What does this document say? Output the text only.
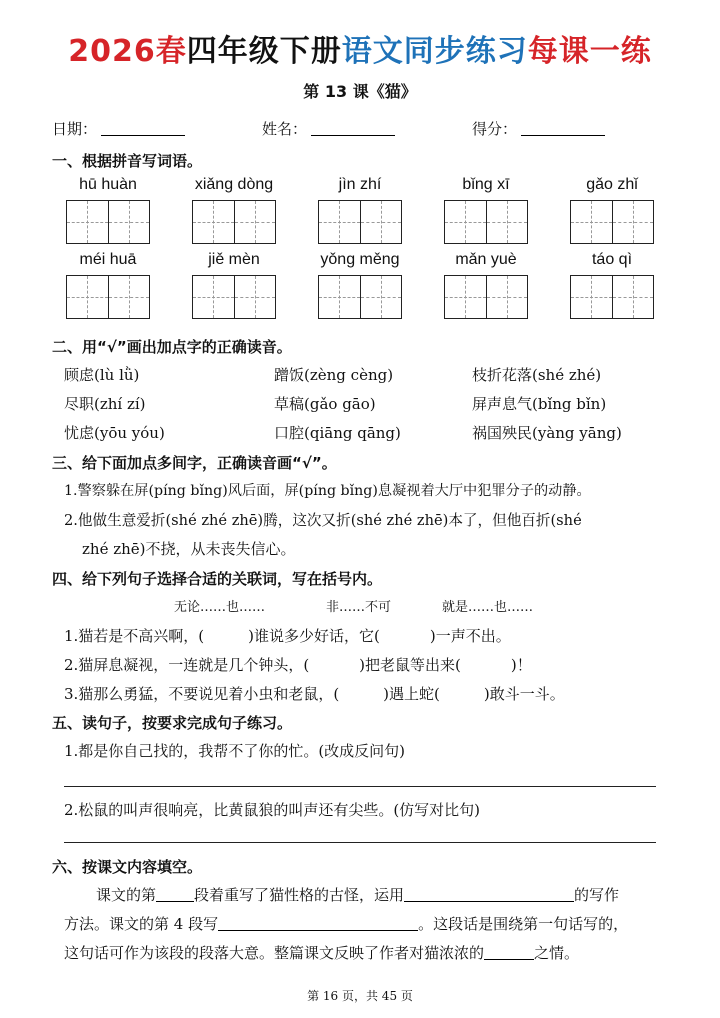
2026春四年级下册语文同步练习每课一练
第 13 课《猫》
日期：	姓名：	得分：
一、根据拼音写词语。
hū huàn	xiǎng dòng	jìn zhí	bǐng xī	gǎo zhǐ
méi huā	jiě mèn	yǒng měng	mǎn yuè	táo qì
二、用“√”画出加点字的正确读音。
顾虑(lù lǜ)	蹭饭(zèng cèng)	枝折花落(shé zhé)
尽职(zhí zí)	草稿(gǎo gāo)	屏声息气(bǐng bǐn)
忧虑(yōu yóu)	口腔(qiāng qāng)	祸国殃民(yàng yāng)
三、给下面加点多间字，正确读音画“√”。
1.警察躲在屏(píng bǐng)风后面，屏(píng bǐng)息凝视着大厅中犯罪分子的动静。
2.他做生意爱折(shé zhé zhē)腾，这次又折(shé zhé zhē)本了，但他百折(shé
zhé zhē)不挠，从未丧失信心。
四、给下列句子选择合适的关联词，写在括号内。
无论……也……	非……不可	就是……也……
1.猫若是不高兴啊，(	)谁说多少好话，它(	)一声不出。
2.猫屏息凝视，一连就是几个钟头，(	)把老鼠等出来(	)！
3.猫那么勇猛，不要说见着小虫和老鼠，(	)遇上蛇(	)敢斗一斗。
五、读句子，按要求完成句子练习。
1.都是你自己找的，我帮不了你的忙。(改成反问句)
2.松鼠的叫声很响亮，比黄鼠狼的叫声还有尖些。(仿写对比句)
六、按课文内容填空。
课文的第	段着重写了猫性格的古怪，运用	的写作
方法。课文的第 4 段写	。这段话是围绕第一句话写的，
这句话可作为该段的段落大意。整篇课文反映了作者对猫浓浓的	之情。
第 16 页，共 45 页
